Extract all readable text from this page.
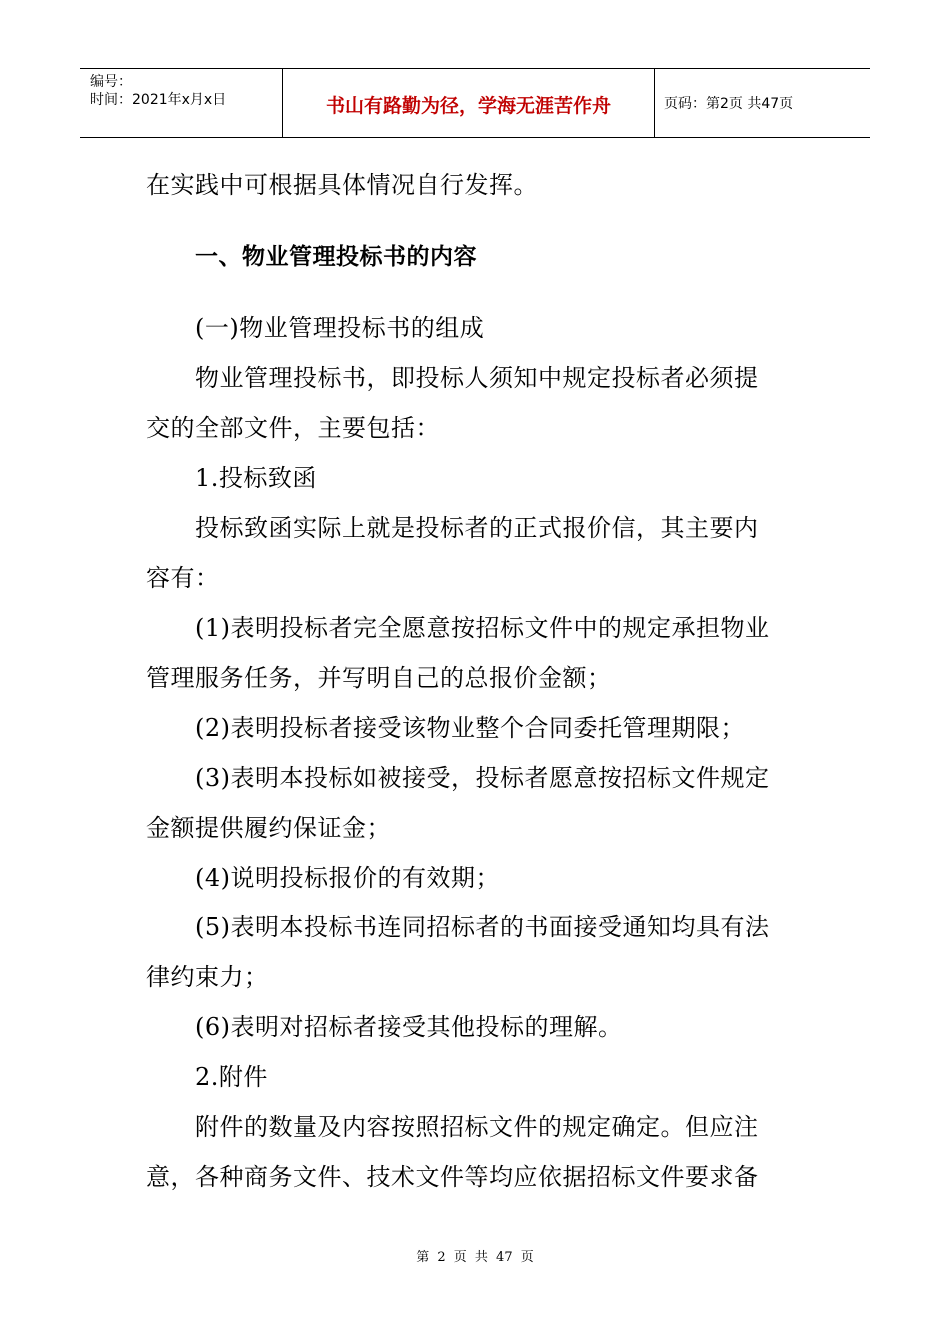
编号：
时间：2021年x月x日	书山有路勤为径，学海无涯苦作舟	页码：第2页 共47页
在实践中可根据具体情况自行发挥。
一、物业管理投标书的内容
(一)物业管理投标书的组成
物业管理投标书，即投标人须知中规定投标者必须提
交的全部文件，主要包括：
1.投标致函
投标致函实际上就是投标者的正式报价信，其主要内
容有：
(1)表明投标者完全愿意按招标文件中的规定承担物业
管理服务任务，并写明自己的总报价金额；
(2)表明投标者接受该物业整个合同委托管理期限；
(3)表明本投标如被接受，投标者愿意按招标文件规定
金额提供履约保证金；
(4)说明投标报价的有效期；
(5)表明本投标书连同招标者的书面接受通知均具有法
律约束力；
(6)表明对招标者接受其他投标的理解。
2.附件
附件的数量及内容按照招标文件的规定确定。但应注
意，各种商务文件、技术文件等均应依据招标文件要求备
第 2 页 共 47 页
